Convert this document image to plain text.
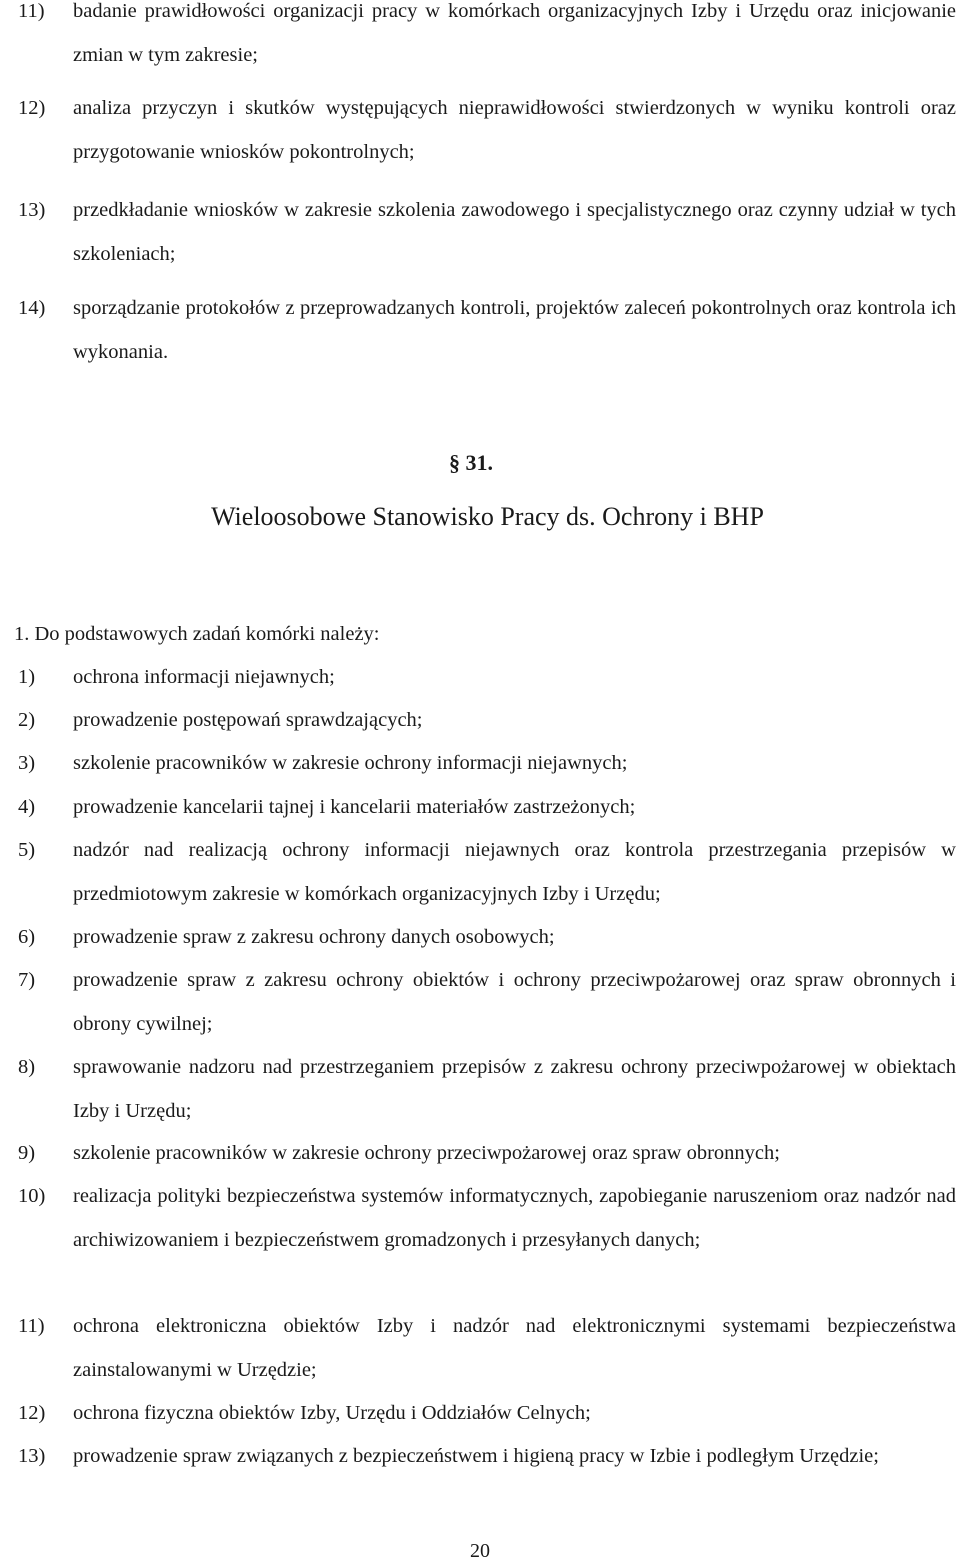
11) badanie prawidłowości organizacji pracy w komórkach organizacyjnych Izby i Urzędu oraz inicjowanie zmian w tym zakresie;
12) analiza przyczyn i skutków występujących nieprawidłowości stwierdzonych w wyniku kontroli oraz przygotowanie wniosków pokontrolnych;
13) przedkładanie wniosków w zakresie szkolenia zawodowego i specjalistycznego oraz czynny udział w tych szkoleniach;
14) sporządzanie protokołów z przeprowadzanych kontroli, projektów zaleceń pokontrolnych oraz kontrola ich wykonania.
§ 31.
Wieloosobowe Stanowisko Pracy ds. Ochrony i BHP
1. Do podstawowych zadań komórki należy:
1) ochrona informacji niejawnych;
2) prowadzenie postępowań sprawdzających;
3) szkolenie pracowników w zakresie ochrony informacji niejawnych;
4) prowadzenie kancelarii tajnej i kancelarii materiałów zastrzeżonych;
5) nadzór nad realizacją ochrony informacji niejawnych oraz kontrola przestrzegania przepisów w przedmiotowym zakresie w komórkach organizacyjnych Izby i Urzędu;
6) prowadzenie spraw z zakresu ochrony danych osobowych;
7) prowadzenie spraw z zakresu ochrony obiektów i ochrony przeciwpożarowej oraz spraw obronnych i obrony cywilnej;
8) sprawowanie nadzoru nad przestrzeganiem przepisów z zakresu ochrony przeciwpożarowej w obiektach Izby i Urzędu;
9) szkolenie pracowników w zakresie ochrony przeciwpożarowej oraz spraw obronnych;
10) realizacja polityki bezpieczeństwa systemów informatycznych, zapobieganie naruszeniom oraz nadzór nad archiwizowaniem i bezpieczeństwem gromadzonych i przesyłanych danych;
11) ochrona elektroniczna obiektów Izby i nadzór nad elektronicznymi systemami bezpieczeństwa zainstalowanymi w Urzędzie;
12) ochrona fizyczna obiektów Izby, Urzędu i Oddziałów Celnych;
13) prowadzenie spraw związanych z bezpieczeństwem i higieną pracy w Izbie i podległym Urzędzie;
20
